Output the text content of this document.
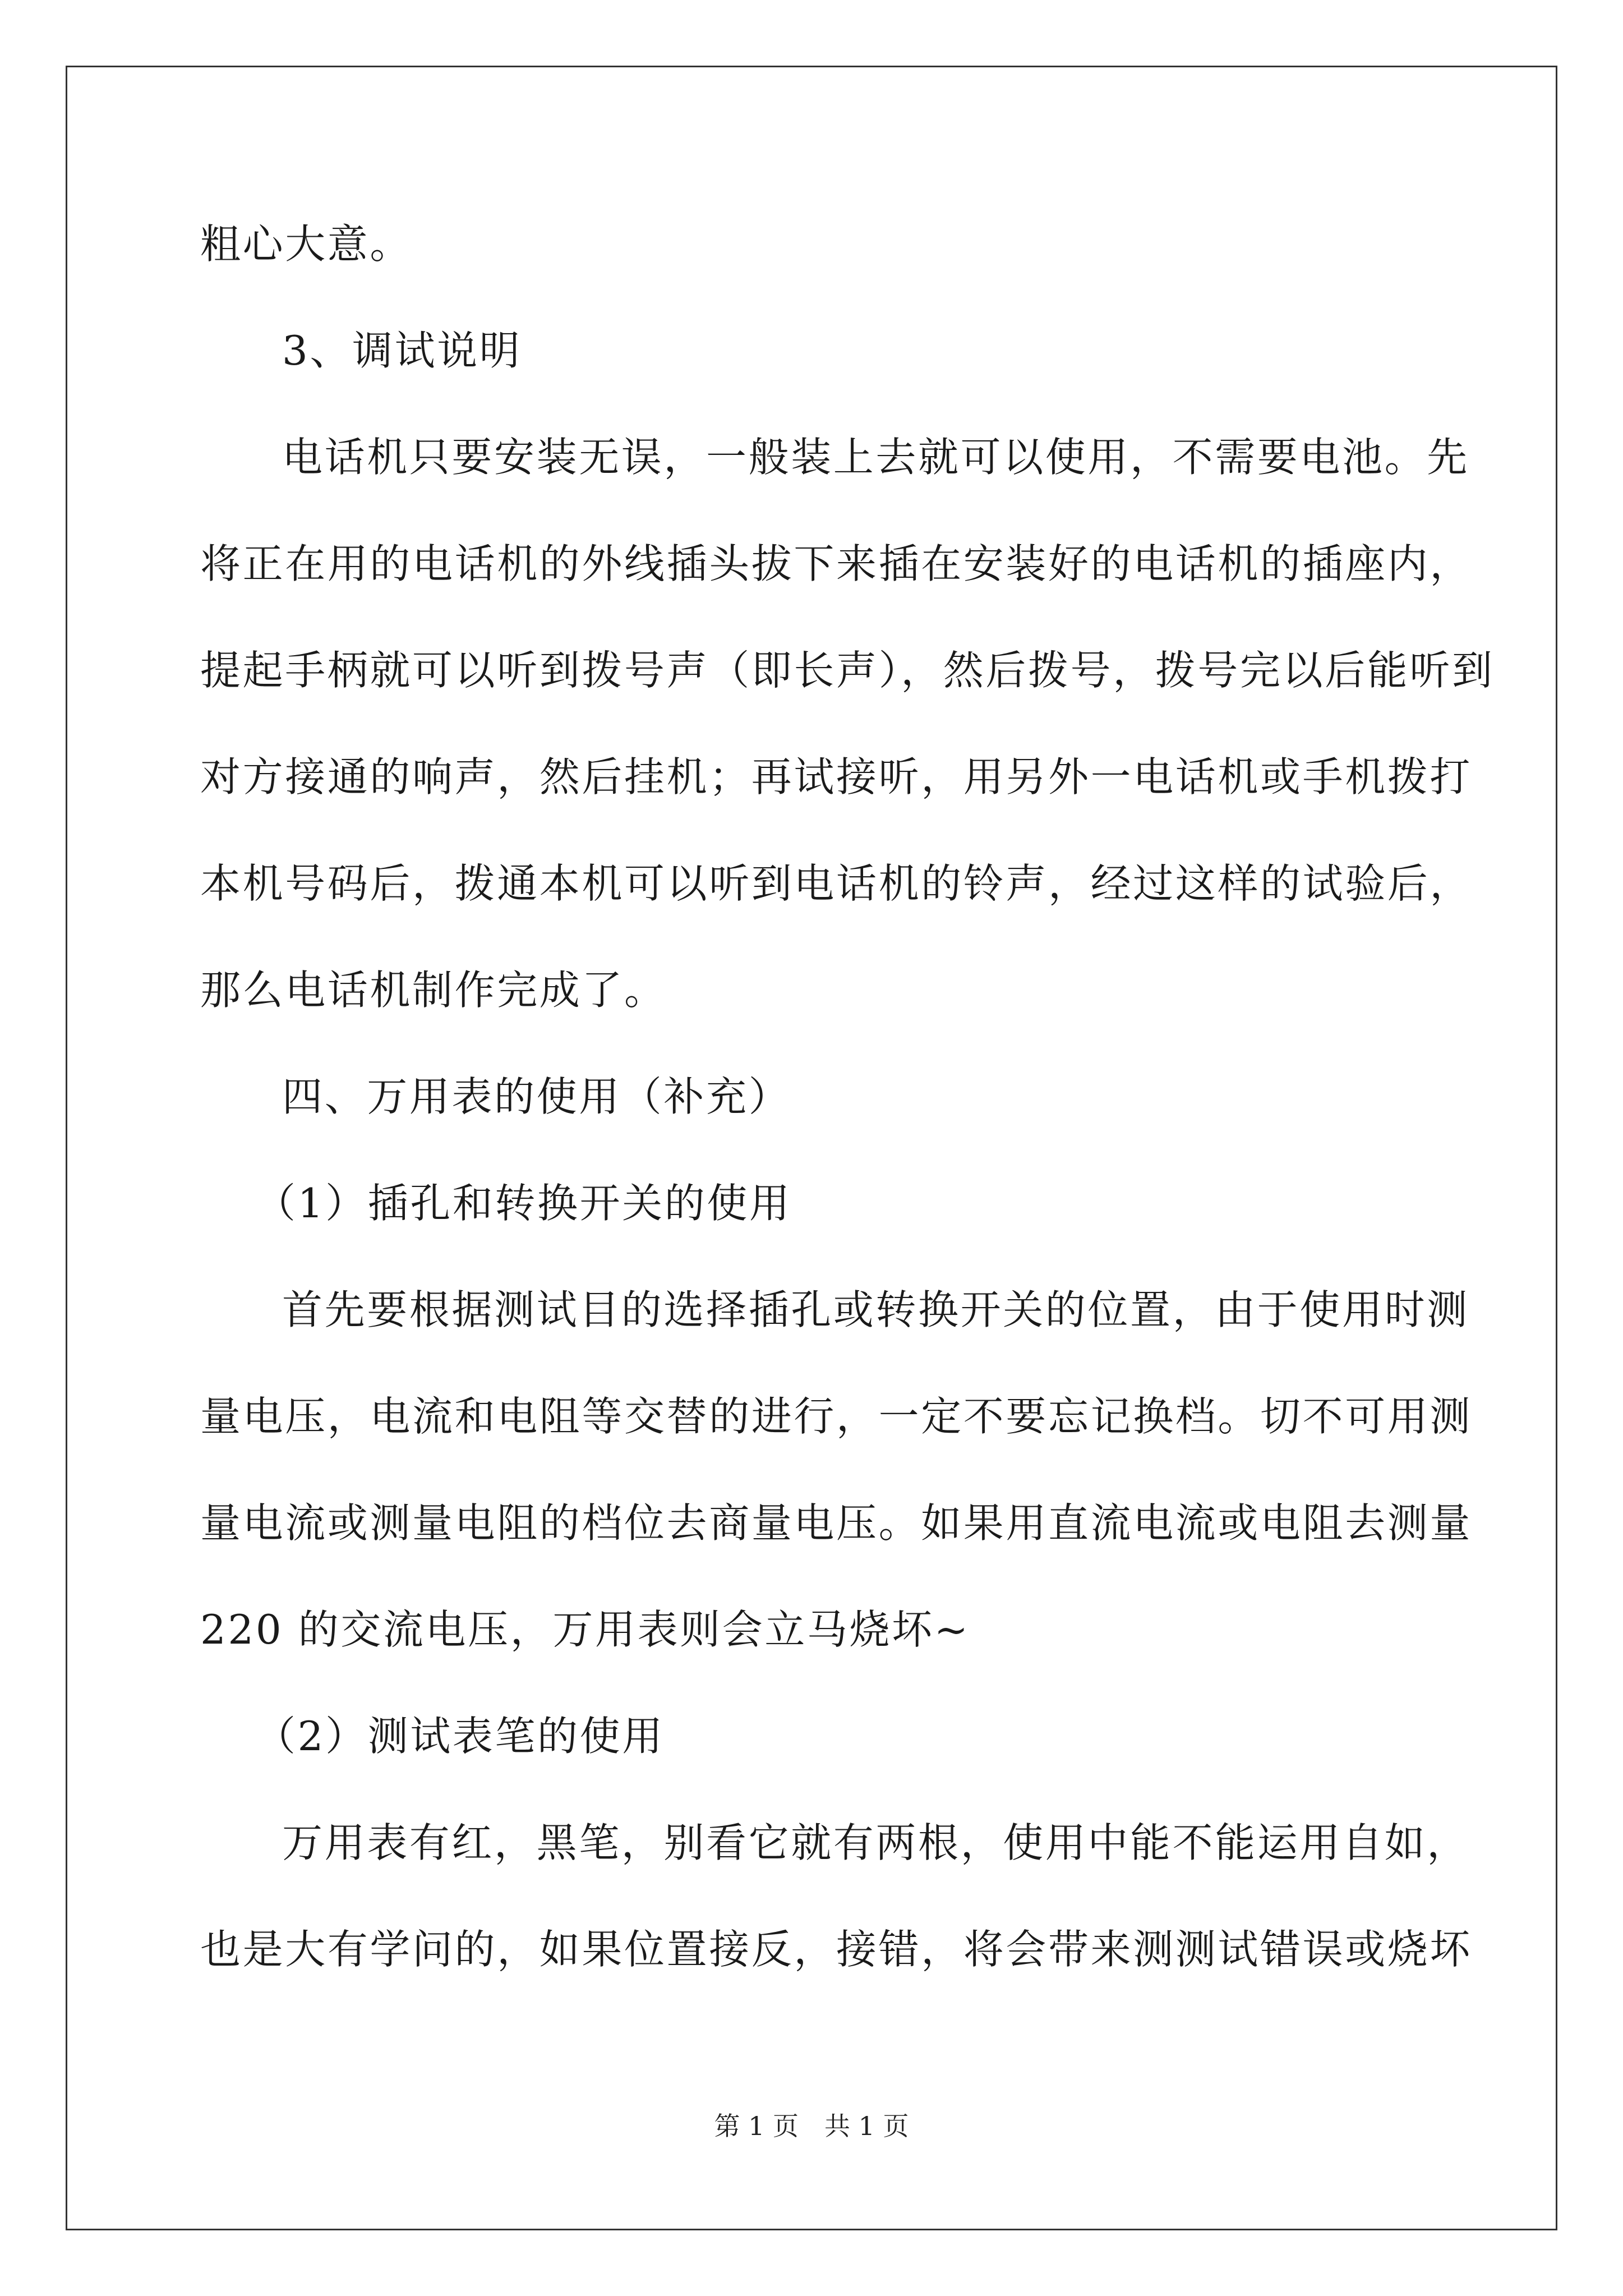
粗心大意。
3、调试说明
电话机只要安装无误，一般装上去就可以使用，不需要电池。先
将正在用的电话机的外线插头拔下来插在安装好的电话机的插座内，
提起手柄就可以听到拨号声（即长声），然后拨号，拨号完以后能听到
对方接通的响声，然后挂机；再试接听，用另外一电话机或手机拨打
本机号码后，拨通本机可以听到电话机的铃声，经过这样的试验后，
那么电话机制作完成了。
四、万用表的使用（补充）
（1）插孔和转换开关的使用
首先要根据测试目的选择插孔或转换开关的位置，由于使用时测
量电压，电流和电阻等交替的进行，一定不要忘记换档。切不可用测
量电流或测量电阻的档位去商量电压。如果用直流电流或电阻去测量
220 的交流电压，万用表则会立马烧坏~
（2）测试表笔的使用
万用表有红，黑笔，别看它就有两根，使用中能不能运用自如，
也是大有学问的，如果位置接反，接错，将会带来测测试错误或烧坏
第 1 页　共 1 页
